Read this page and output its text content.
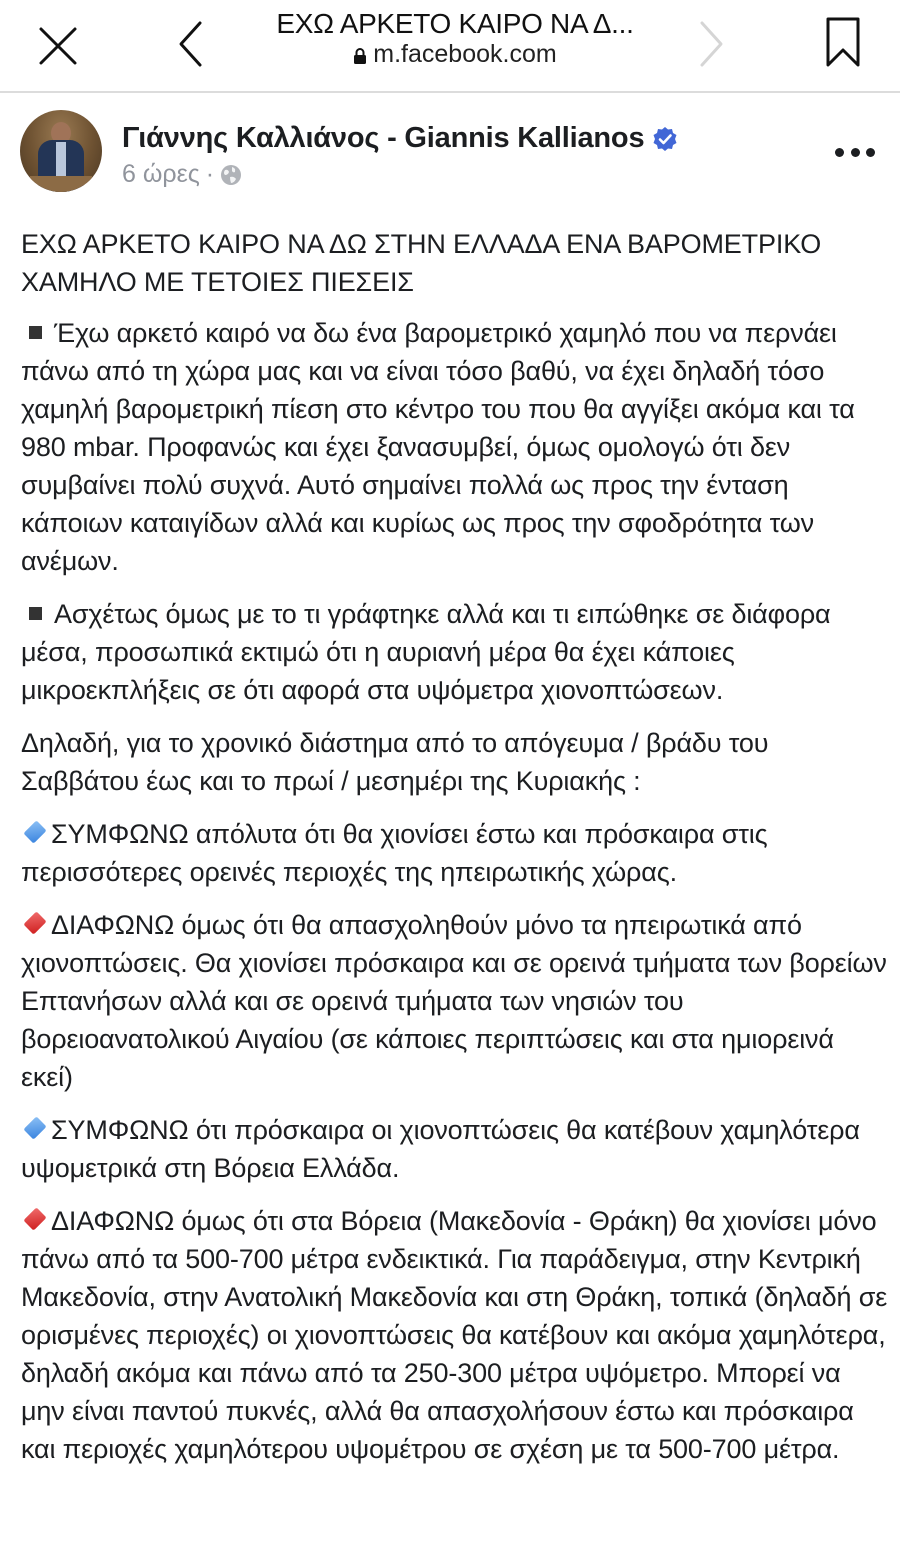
ΕΧΩ ΑΡΚΕΤΟ ΚΑΙΡΟ ΝΑ Δ...
m.facebook.com
Γιάννης Καλλιάνος - Giannis Kallianos
6 ώρες ·

ΕΧΩ ΑΡΚΕΤΟ ΚΑΙΡΟ ΝΑ ΔΩ ΣΤΗΝ ΕΛΛΑΔΑ ΕΝΑ ΒΑΡΟΜΕΤΡΙΚΟ ΧΑΜΗΛΟ ΜΕ ΤΕΤΟΙΕΣ ΠΙΕΣΕΙΣ

Έχω αρκετό καιρό να δω ένα βαρομετρικό χαμηλό που να περνάει πάνω από τη χώρα μας και να είναι τόσο βαθύ, να έχει δηλαδή τόσο χαμηλή βαρομετρική πίεση στο κέντρο του που θα αγγίξει ακόμα και τα 980 mbar. Προφανώς και έχει ξανασυμβεί, όμως ομολογώ ότι δεν συμβαίνει πολύ συχνά. Αυτό σημαίνει πολλά ως προς την ένταση κάποιων καταιγίδων αλλά και κυρίως ως προς την σφοδρότητα των ανέμων.

Ασχέτως όμως με το τι γράφτηκε αλλά και τι ειπώθηκε σε διάφορα μέσα, προσωπικά εκτιμώ ότι η αυριανή μέρα θα έχει κάποιες μικροεκπλήξεις σε ότι αφορά στα υψόμετρα χιονοπτώσεων.

Δηλαδή, για το χρονικό διάστημα από το απόγευμα / βράδυ του Σαββάτου έως και το πρωί / μεσημέρι της Κυριακής :

ΣΥΜΦΩΝΩ απόλυτα ότι θα χιονίσει έστω και πρόσκαιρα στις περισσότερες ορεινές περιοχές της ηπειρωτικής χώρας.

ΔΙΑΦΩΝΩ όμως ότι θα απασχοληθούν μόνο τα ηπειρωτικά από χιονοπτώσεις. Θα χιονίσει πρόσκαιρα και σε ορεινά τμήματα των βορείων Επτανήσων αλλά και σε ορεινά τμήματα των νησιών του βορειοανατολικού Αιγαίου (σε κάποιες περιπτώσεις και στα ημιορεινά εκεί)

ΣΥΜΦΩΝΩ ότι πρόσκαιρα οι χιονοπτώσεις θα κατέβουν χαμηλότερα υψομετρικά στη Βόρεια Ελλάδα.

ΔΙΑΦΩΝΩ όμως ότι στα Βόρεια (Μακεδονία - Θράκη) θα χιονίσει μόνο πάνω από τα 500-700 μέτρα ενδεικτικά. Για παράδειγμα, στην Κεντρική Μακεδονία, στην Ανατολική Μακεδονία και στη Θράκη, τοπικά (δηλαδή σε ορισμένες περιοχές) οι χιονοπτώσεις θα κατέβουν και ακόμα χαμηλότερα, δηλαδή ακόμα και πάνω από τα 250-300 μέτρα υψόμετρο. Μπορεί να μην είναι παντού πυκνές, αλλά θα απασχολήσουν έστω και πρόσκαιρα και περιοχές χαμηλότερου υψομέτρου σε σχέση με τα 500-700 μέτρα.
